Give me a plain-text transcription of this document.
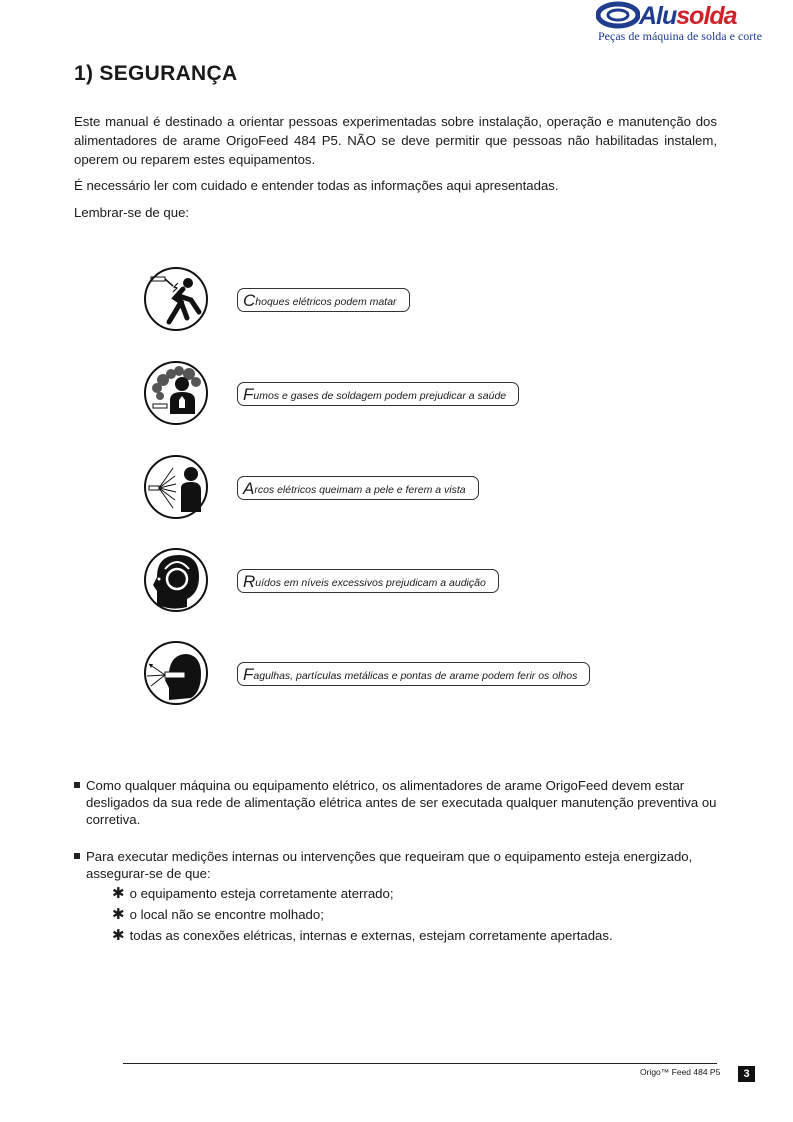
Alusolda
Peças de máquina de solda e corte
1) SEGURANÇA

Este manual é destinado a orientar pessoas experimentadas sobre instalação, operação e manutenção dos alimentadores de arame OrigoFeed 484 P5. NÃO se deve permitir que pessoas não habilitadas instalem, operem ou reparem estes equipamentos.

É necessário ler com cuidado e entender todas as informações aqui apresentadas.

Lembrar-se de que:

Choques elétricos podem matar
Fumos e gases de soldagem podem prejudicar a saúde
Arcos elétricos queimam a pele e ferem a vista
Ruídos em níveis excessivos prejudicam a audição
Fagulhas, partículas metálicas e pontas de arame podem ferir os olhos
Como qualquer máquina ou equipamento elétrico, os alimentadores de arame OrigoFeed devem estar desligados da sua rede de alimentação elétrica antes de ser executada qualquer manutenção preventiva ou corretiva.
Para executar medições internas ou intervenções que requeiram que o equipamento esteja energizado, assegurar-se de que:
✱ o equipamento esteja corretamente aterrado;
✱ o local não se encontre molhado;
✱ todas as conexões elétricas, internas e externas, estejam corretamente apertadas.
Origo™ Feed 484 P5	3
